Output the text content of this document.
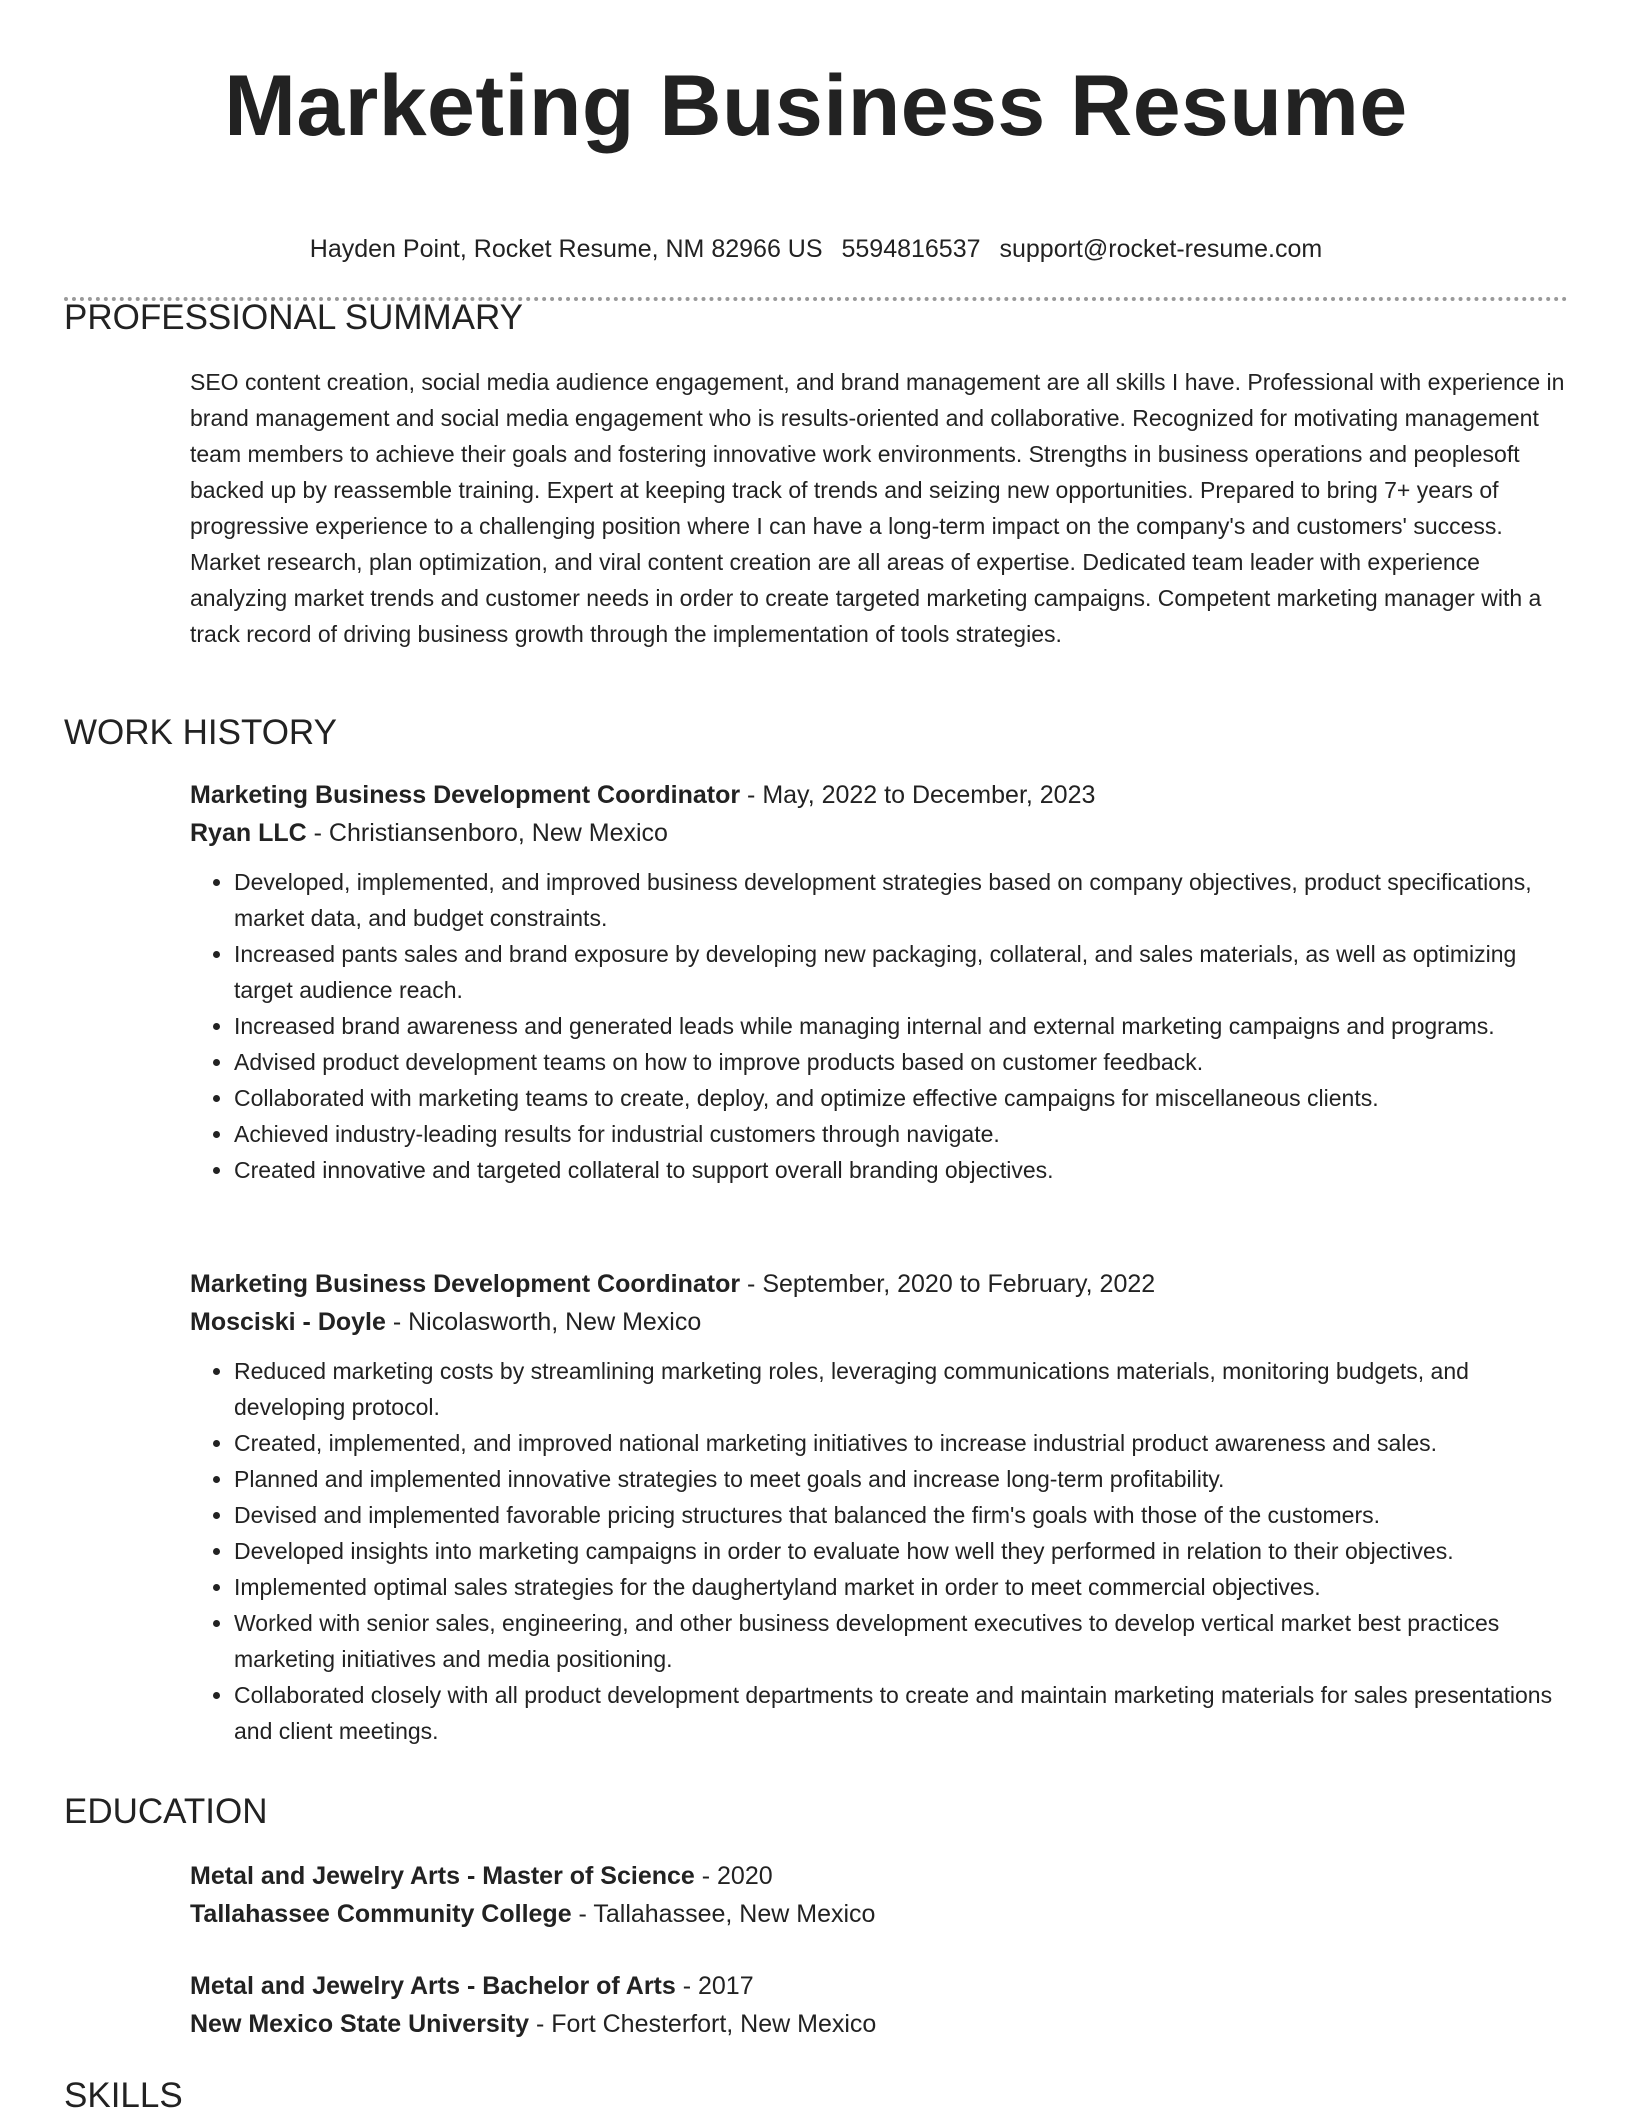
Marketing Business Resume
Hayden Point, Rocket Resume, NM 82966 US 5594816537 support@rocket-resume.com
PROFESSIONAL SUMMARY
SEO content creation, social media audience engagement, and brand management are all skills I have. Professional with experience in brand management and social media engagement who is results-oriented and collaborative. Recognized for motivating management team members to achieve their goals and fostering innovative work environments. Strengths in business operations and peoplesoft backed up by reassemble training. Expert at keeping track of trends and seizing new opportunities. Prepared to bring 7+ years of progressive experience to a challenging position where I can have a long-term impact on the company's and customers' success. Market research, plan optimization, and viral content creation are all areas of expertise. Dedicated team leader with experience analyzing market trends and customer needs in order to create targeted marketing campaigns. Competent marketing manager with a track record of driving business growth through the implementation of tools strategies.
WORK HISTORY
Marketing Business Development Coordinator - May, 2022 to December, 2023
Ryan LLC - Christiansenboro, New Mexico
• Developed, implemented, and improved business development strategies based on company objectives, product specifications, market data, and budget constraints.
• Increased pants sales and brand exposure by developing new packaging, collateral, and sales materials, as well as optimizing target audience reach.
• Increased brand awareness and generated leads while managing internal and external marketing campaigns and programs.
• Advised product development teams on how to improve products based on customer feedback.
• Collaborated with marketing teams to create, deploy, and optimize effective campaigns for miscellaneous clients.
• Achieved industry-leading results for industrial customers through navigate.
• Created innovative and targeted collateral to support overall branding objectives.
Marketing Business Development Coordinator - September, 2020 to February, 2022
Mosciski - Doyle - Nicolasworth, New Mexico
• Reduced marketing costs by streamlining marketing roles, leveraging communications materials, monitoring budgets, and developing protocol.
• Created, implemented, and improved national marketing initiatives to increase industrial product awareness and sales.
• Planned and implemented innovative strategies to meet goals and increase long-term profitability.
• Devised and implemented favorable pricing structures that balanced the firm's goals with those of the customers.
• Developed insights into marketing campaigns in order to evaluate how well they performed in relation to their objectives.
• Implemented optimal sales strategies for the daughertyland market in order to meet commercial objectives.
• Worked with senior sales, engineering, and other business development executives to develop vertical market best practices marketing initiatives and media positioning.
• Collaborated closely with all product development departments to create and maintain marketing materials for sales presentations and client meetings.
EDUCATION
Metal and Jewelry Arts - Master of Science - 2020
Tallahassee Community College - Tallahassee, New Mexico
Metal and Jewelry Arts - Bachelor of Arts - 2017
New Mexico State University - Fort Chesterfort, New Mexico
SKILLS
